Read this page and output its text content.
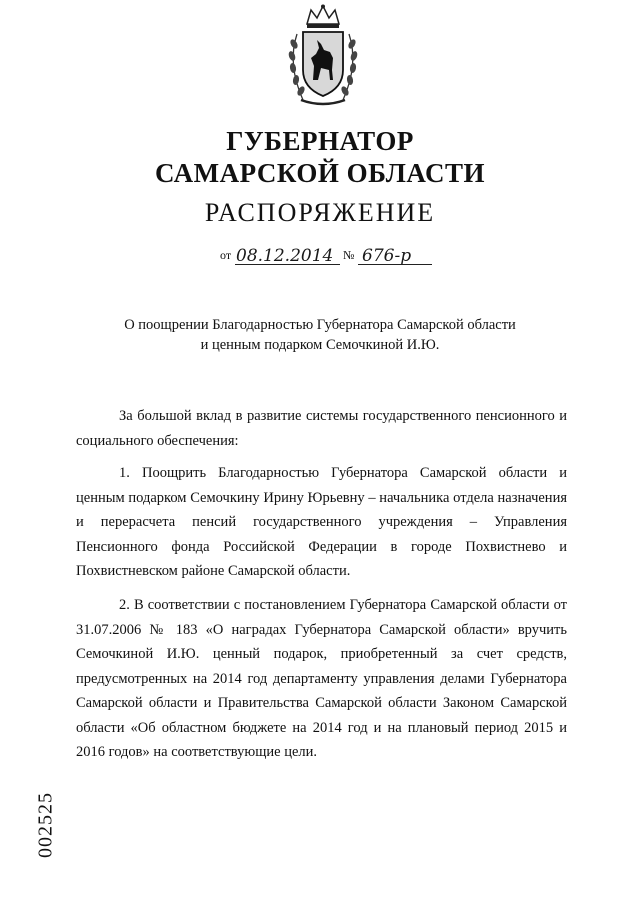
ГУБЕРНАТОР
САМАРСКОЙ ОБЛАСТИ
РАСПОРЯЖЕНИЕ
от 08.12.2014 № 676-р
О поощрении Благодарностью Губернатора Самарской области
и ценным подарком Семочкиной И.Ю.

За большой вклад в развитие системы государственного пенсионного и социального обеспечения:

1. Поощрить Благодарностью Губернатора Самарской области и ценным подарком Семочкину Ирину Юрьевну – начальника отдела назначения и перерасчета пенсий государственного учреждения – Управления Пенсионного фонда Российской Федерации в городе Похвистнево и Похвистневском районе Самарской области.

2. В соответствии с постановлением Губернатора Самарской области от 31.07.2006 № 183 «О наградах Губернатора Самарской области» вручить Семочкиной И.Ю. ценный подарок, приобретенный за счет средств, предусмотренных на 2014 год департаменту управления делами Губернатора Самарской области и Правительства Самарской области Законом Самарской области «Об областном бюджете на 2014 год и на плановый период 2015 и 2016 годов» на соответствующие цели.

002525
